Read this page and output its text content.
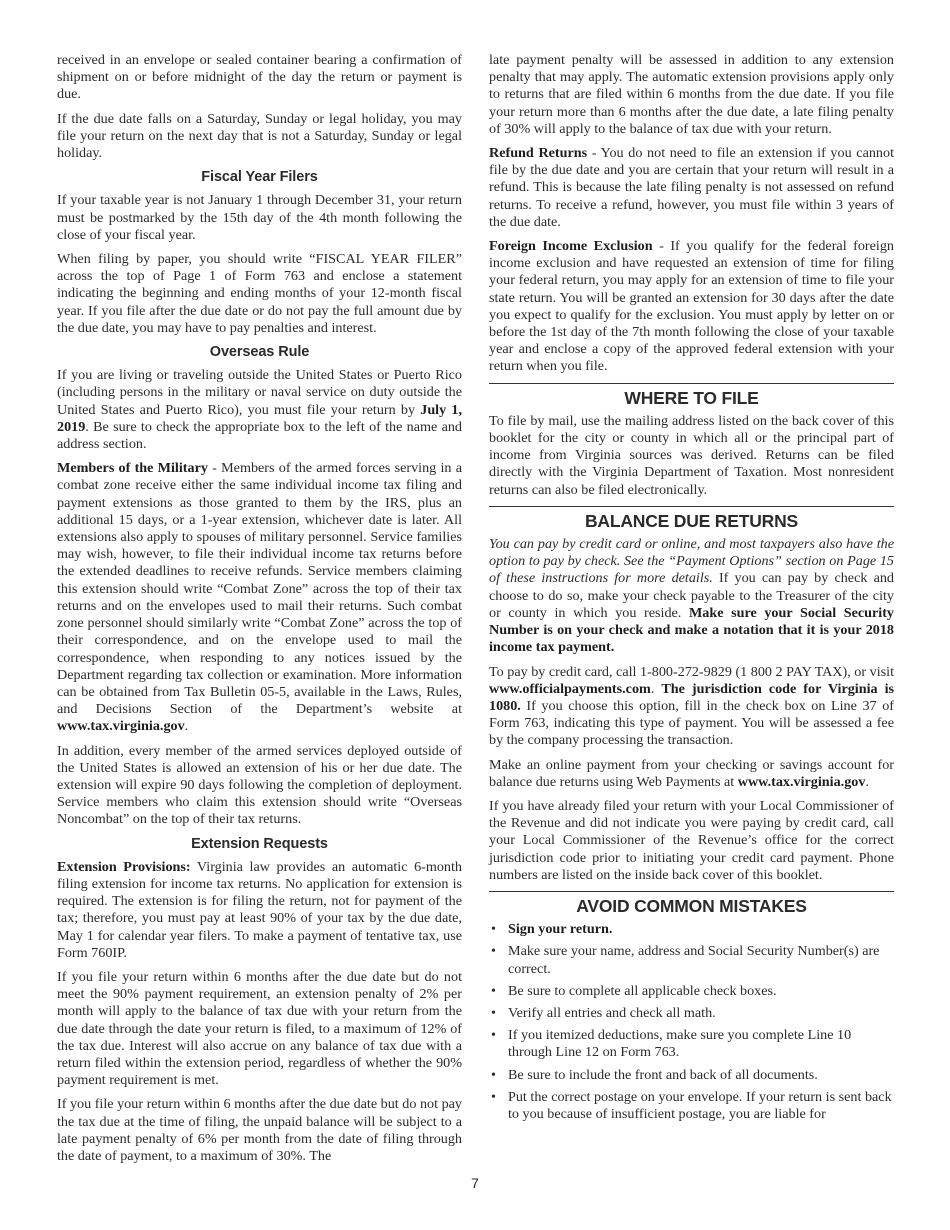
received in an envelope or sealed container bearing a confirmation of shipment on or before midnight of the day the return or payment is due.

If the due date falls on a Saturday, Sunday or legal holiday, you may file your return on the next day that is not a Saturday, Sunday or legal holiday.

Fiscal Year Filers

If your taxable year is not January 1 through December 31, your return must be postmarked by the 15th day of the 4th month following the close of your fiscal year.

When filing by paper, you should write “FISCAL YEAR FILER” across the top of Page 1 of Form 763 and enclose a statement indicating the beginning and ending months of your 12-month fiscal year. If you file after the due date or do not pay the full amount due by the due date, you may have to pay penalties and interest.

Overseas Rule

If you are living or traveling outside the United States or Puerto Rico (including persons in the military or naval service on duty outside the United States and Puerto Rico), you must file your return by July 1, 2019. Be sure to check the appropriate box to the left of the name and address section.

Members of the Military - Members of the armed forces serving in a combat zone receive either the same individual income tax filing and payment extensions as those granted to them by the IRS, plus an additional 15 days, or a 1-year extension, whichever date is later. All extensions also apply to spouses of military personnel. Service families may wish, however, to file their individual income tax returns before the extended deadlines to receive refunds. Service members claiming this extension should write “Combat Zone” across the top of their tax returns and on the envelopes used to mail their returns. Such combat zone personnel should similarly write “Combat Zone” across the top of their correspondence, and on the envelope used to mail the correspondence, when responding to any notices issued by the Department regarding tax collection or examination. More information can be obtained from Tax Bulletin 05-5, available in the Laws, Rules, and Decisions Section of the Department’s website at www.tax.virginia.gov.

In addition, every member of the armed services deployed outside of the United States is allowed an extension of his or her due date. The extension will expire 90 days following the completion of deployment. Service members who claim this extension should write “Overseas Noncombat” on the top of their tax returns.

Extension Requests

Extension Provisions: Virginia law provides an automatic 6-month filing extension for income tax returns. No application for extension is required. The extension is for filing the return, not for payment of the tax; therefore, you must pay at least 90% of your tax by the due date, May 1 for calendar year filers. To make a payment of tentative tax, use Form 760IP.

If you file your return within 6 months after the due date but do not meet the 90% payment requirement, an extension penalty of 2% per month will apply to the balance of tax due with your return from the due date through the date your return is filed, to a maximum of 12% of the tax due. Interest will also accrue on any balance of tax due with a return filed within the extension period, regardless of whether the 90% payment requirement is met.

If you file your return within 6 months after the due date but do not pay the tax due at the time of filing, the unpaid balance will be subject to a late payment penalty of 6% per month from the date of filing through the date of payment, to a maximum of 30%. The

late payment penalty will be assessed in addition to any extension penalty that may apply. The automatic extension provisions apply only to returns that are filed within 6 months from the due date. If you file your return more than 6 months after the due date, a late filing penalty of 30% will apply to the balance of tax due with your return.

Refund Returns - You do not need to file an extension if you cannot file by the due date and you are certain that your return will result in a refund. This is because the late filing penalty is not assessed on refund returns. To receive a refund, however, you must file within 3 years of the due date.

Foreign Income Exclusion - If you qualify for the federal foreign income exclusion and have requested an extension of time for filing your federal return, you may apply for an extension of time to file your state return. You will be granted an extension for 30 days after the date you expect to qualify for the exclusion. You must apply by letter on or before the 1st day of the 7th month following the close of your taxable year and enclose a copy of the approved federal extension with your return when you file.

WHERE TO FILE

To file by mail, use the mailing address listed on the back cover of this booklet for the city or county in which all or the principal part of income from Virginia sources was derived. Returns can be filed directly with the Virginia Department of Taxation. Most nonresident returns can also be filed electronically.

BALANCE DUE RETURNS

You can pay by credit card or online, and most taxpayers also have the option to pay by check. See the “Payment Options” section on Page 15 of these instructions for more details. If you can pay by check and choose to do so, make your check payable to the Treasurer of the city or county in which you reside. Make sure your Social Security Number is on your check and make a notation that it is your 2018 income tax payment.

To pay by credit card, call 1-800-272-9829 (1 800 2 PAY TAX), or visit www.officialpayments.com. The jurisdiction code for Virginia is 1080. If you choose this option, fill in the check box on Line 37 of Form 763, indicating this type of payment. You will be assessed a fee by the company processing the transaction.

Make an online payment from your checking or savings account for balance due returns using Web Payments at www.tax.virginia.gov.

If you have already filed your return with your Local Commissioner of the Revenue and did not indicate you were paying by credit card, call your Local Commissioner of the Revenue’s office for the correct jurisdiction code prior to initiating your credit card payment. Phone numbers are listed on the inside back cover of this booklet.

AVOID COMMON MISTAKES
• Sign your return.
• Make sure your name, address and Social Security Number(s) are correct.
• Be sure to complete all applicable check boxes.
• Verify all entries and check all math.
• If you itemized deductions, make sure you complete Line 10 through Line 12 on Form 763.
• Be sure to include the front and back of all documents.
• Put the correct postage on your envelope. If your return is sent back to you because of insufficient postage, you are liable for
7
